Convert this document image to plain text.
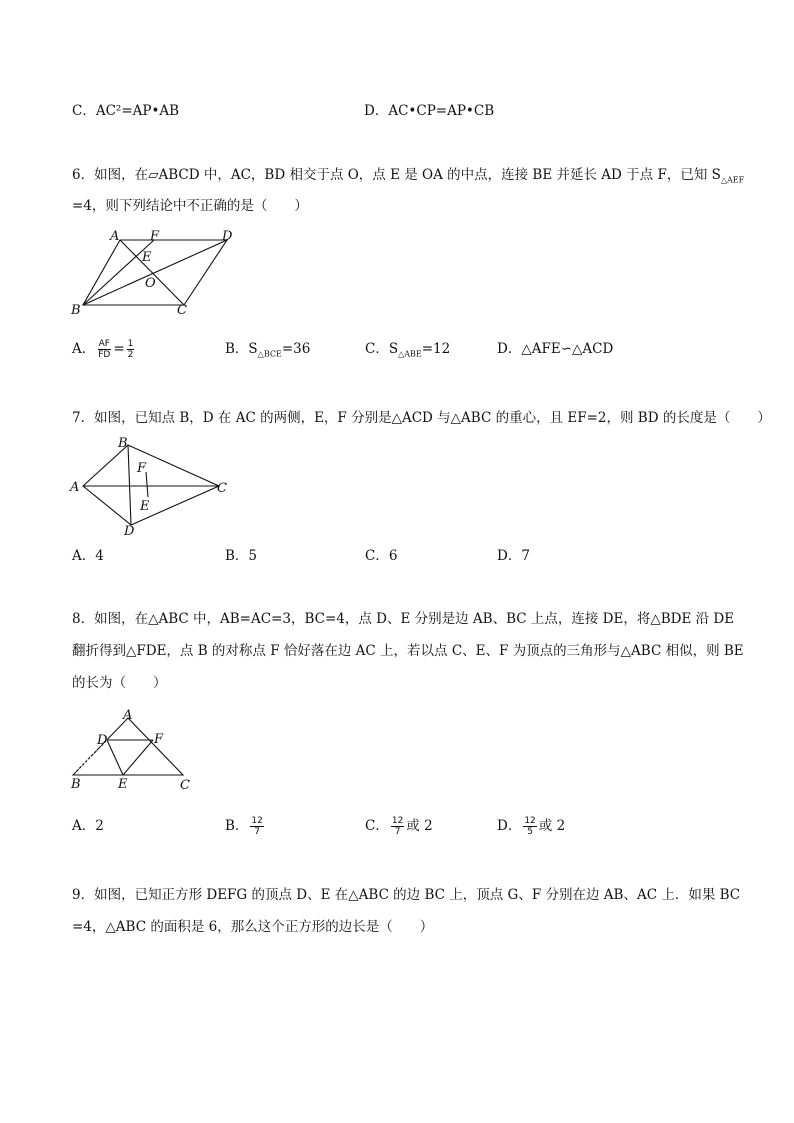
C．AC²=AP•AB	D．AC•CP=AP•CB
6．如图，在▱ABCD 中，AC，BD 相交于点 O，点 E 是 OA 的中点，连接 BE 并延长 AD 于点 F，已知 $S_{\triangle AEF}$
=4，则下列结论中不正确的是（　　）
A F	D
E
O
B	C
A． $\frac{AF}{FD} = \frac{1}{2}$	B．$S_{\triangle BCE}=36$	C．$S_{\triangle ABE}=12$	D．△AFE∽△ACD
7．如图，已知点 B，D 在 AC 的两侧，E，F 分别是△ACD 与△ABC 的重心，且 EF=2，则 BD 的长度是（　　）
A
B
C
D
E
F
A．4	B．5	C．6	D．7
8．如图，在△ABC 中，AB=AC=3，BC=4，点 D、E 分别是边 AB、BC 上点，连接 DE，将△BDE 沿 DE
翻折得到△FDE，点 B 的对称点 F 恰好落在边 AC 上，若以点 C、E、F 为顶点的三角形与△ABC 相似，则 BE
的长为（　　）
A
D	F
B	E	C
A．2	B． $\frac{12}{7}$	C． $\frac{12}{7}$ 或 2	D． $\frac{12}{5}$ 或 2
9．如图，已知正方形 DEFG 的顶点 D、E 在△ABC 的边 BC 上，顶点 G、F 分别在边 AB、AC 上．如果 BC
=4，△ABC 的面积是 6，那么这个正方形的边长是（　　）
